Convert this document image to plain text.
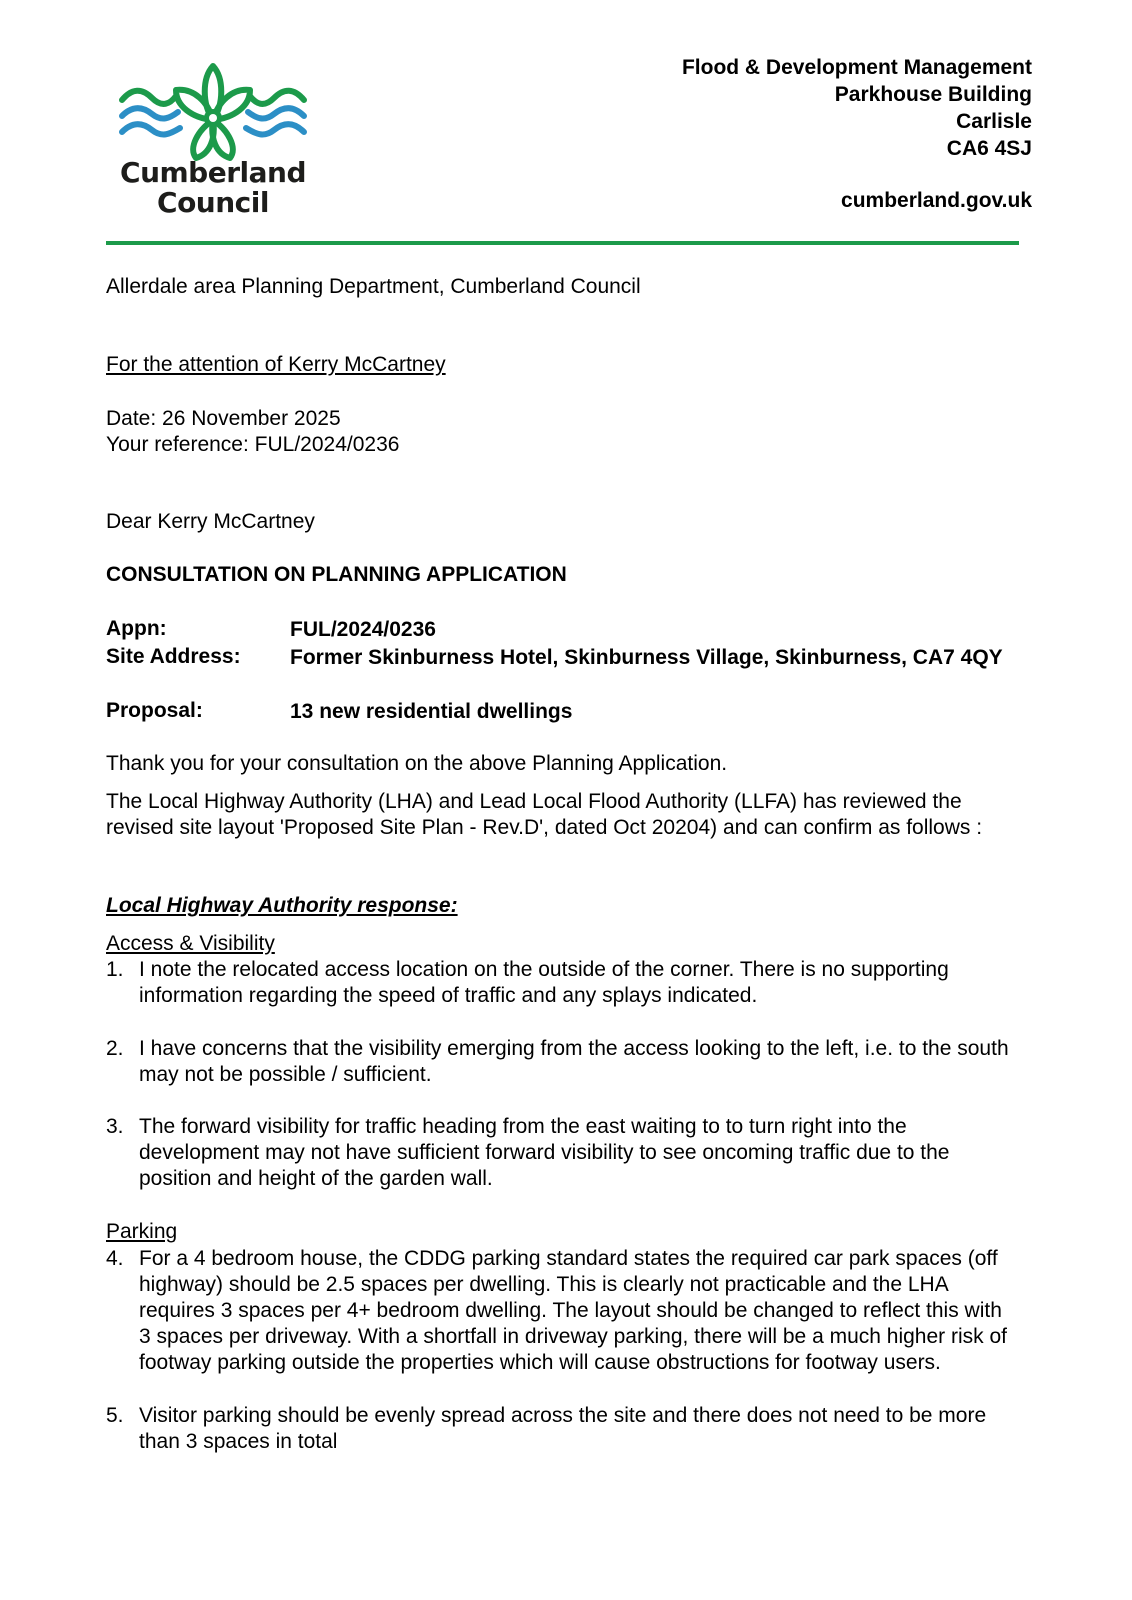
Cumberland
Council
Flood & Development Management
Parkhouse Building
Carlisle
CA6 4SJ
cumberland.gov.uk
Allerdale area Planning Department, Cumberland Council
For the attention of Kerry McCartney
Date: 26 November 2025
Your reference: FUL/2024/0236
Dear Kerry McCartney
CONSULTATION ON PLANNING APPLICATION
Appn:	FUL/2024/0236
Site Address: Former Skinburness Hotel, Skinburness Village, Skinburness, CA7 4QY
Proposal:	13 new residential dwellings
Thank you for your consultation on the above Planning Application.
The Local Highway Authority (LHA) and Lead Local Flood Authority (LLFA) has reviewed the revised site layout 'Proposed Site Plan - Rev.D', dated Oct 20204) and can confirm as follows :
Local Highway Authority response:
Access & Visibility
1. I note the relocated access location on the outside of the corner. There is no supporting information regarding the speed of traffic and any splays indicated.
2. I have concerns that the visibility emerging from the access looking to the left, i.e. to the south may not be possible / sufficient.
3. The forward visibility for traffic heading from the east waiting to to turn right into the development may not have sufficient forward visibility to see oncoming traffic due to the position and height of the garden wall.
Parking
4. For a 4 bedroom house, the CDDG parking standard states the required car park spaces (off highway) should be 2.5 spaces per dwelling. This is clearly not practicable and the LHA requires 3 spaces per 4+ bedroom dwelling. The layout should be changed to reflect this with 3 spaces per driveway. With a shortfall in driveway parking, there will be a much higher risk of footway parking outside the properties which will cause obstructions for footway users.
5. Visitor parking should be evenly spread across the site and there does not need to be more than 3 spaces in total
